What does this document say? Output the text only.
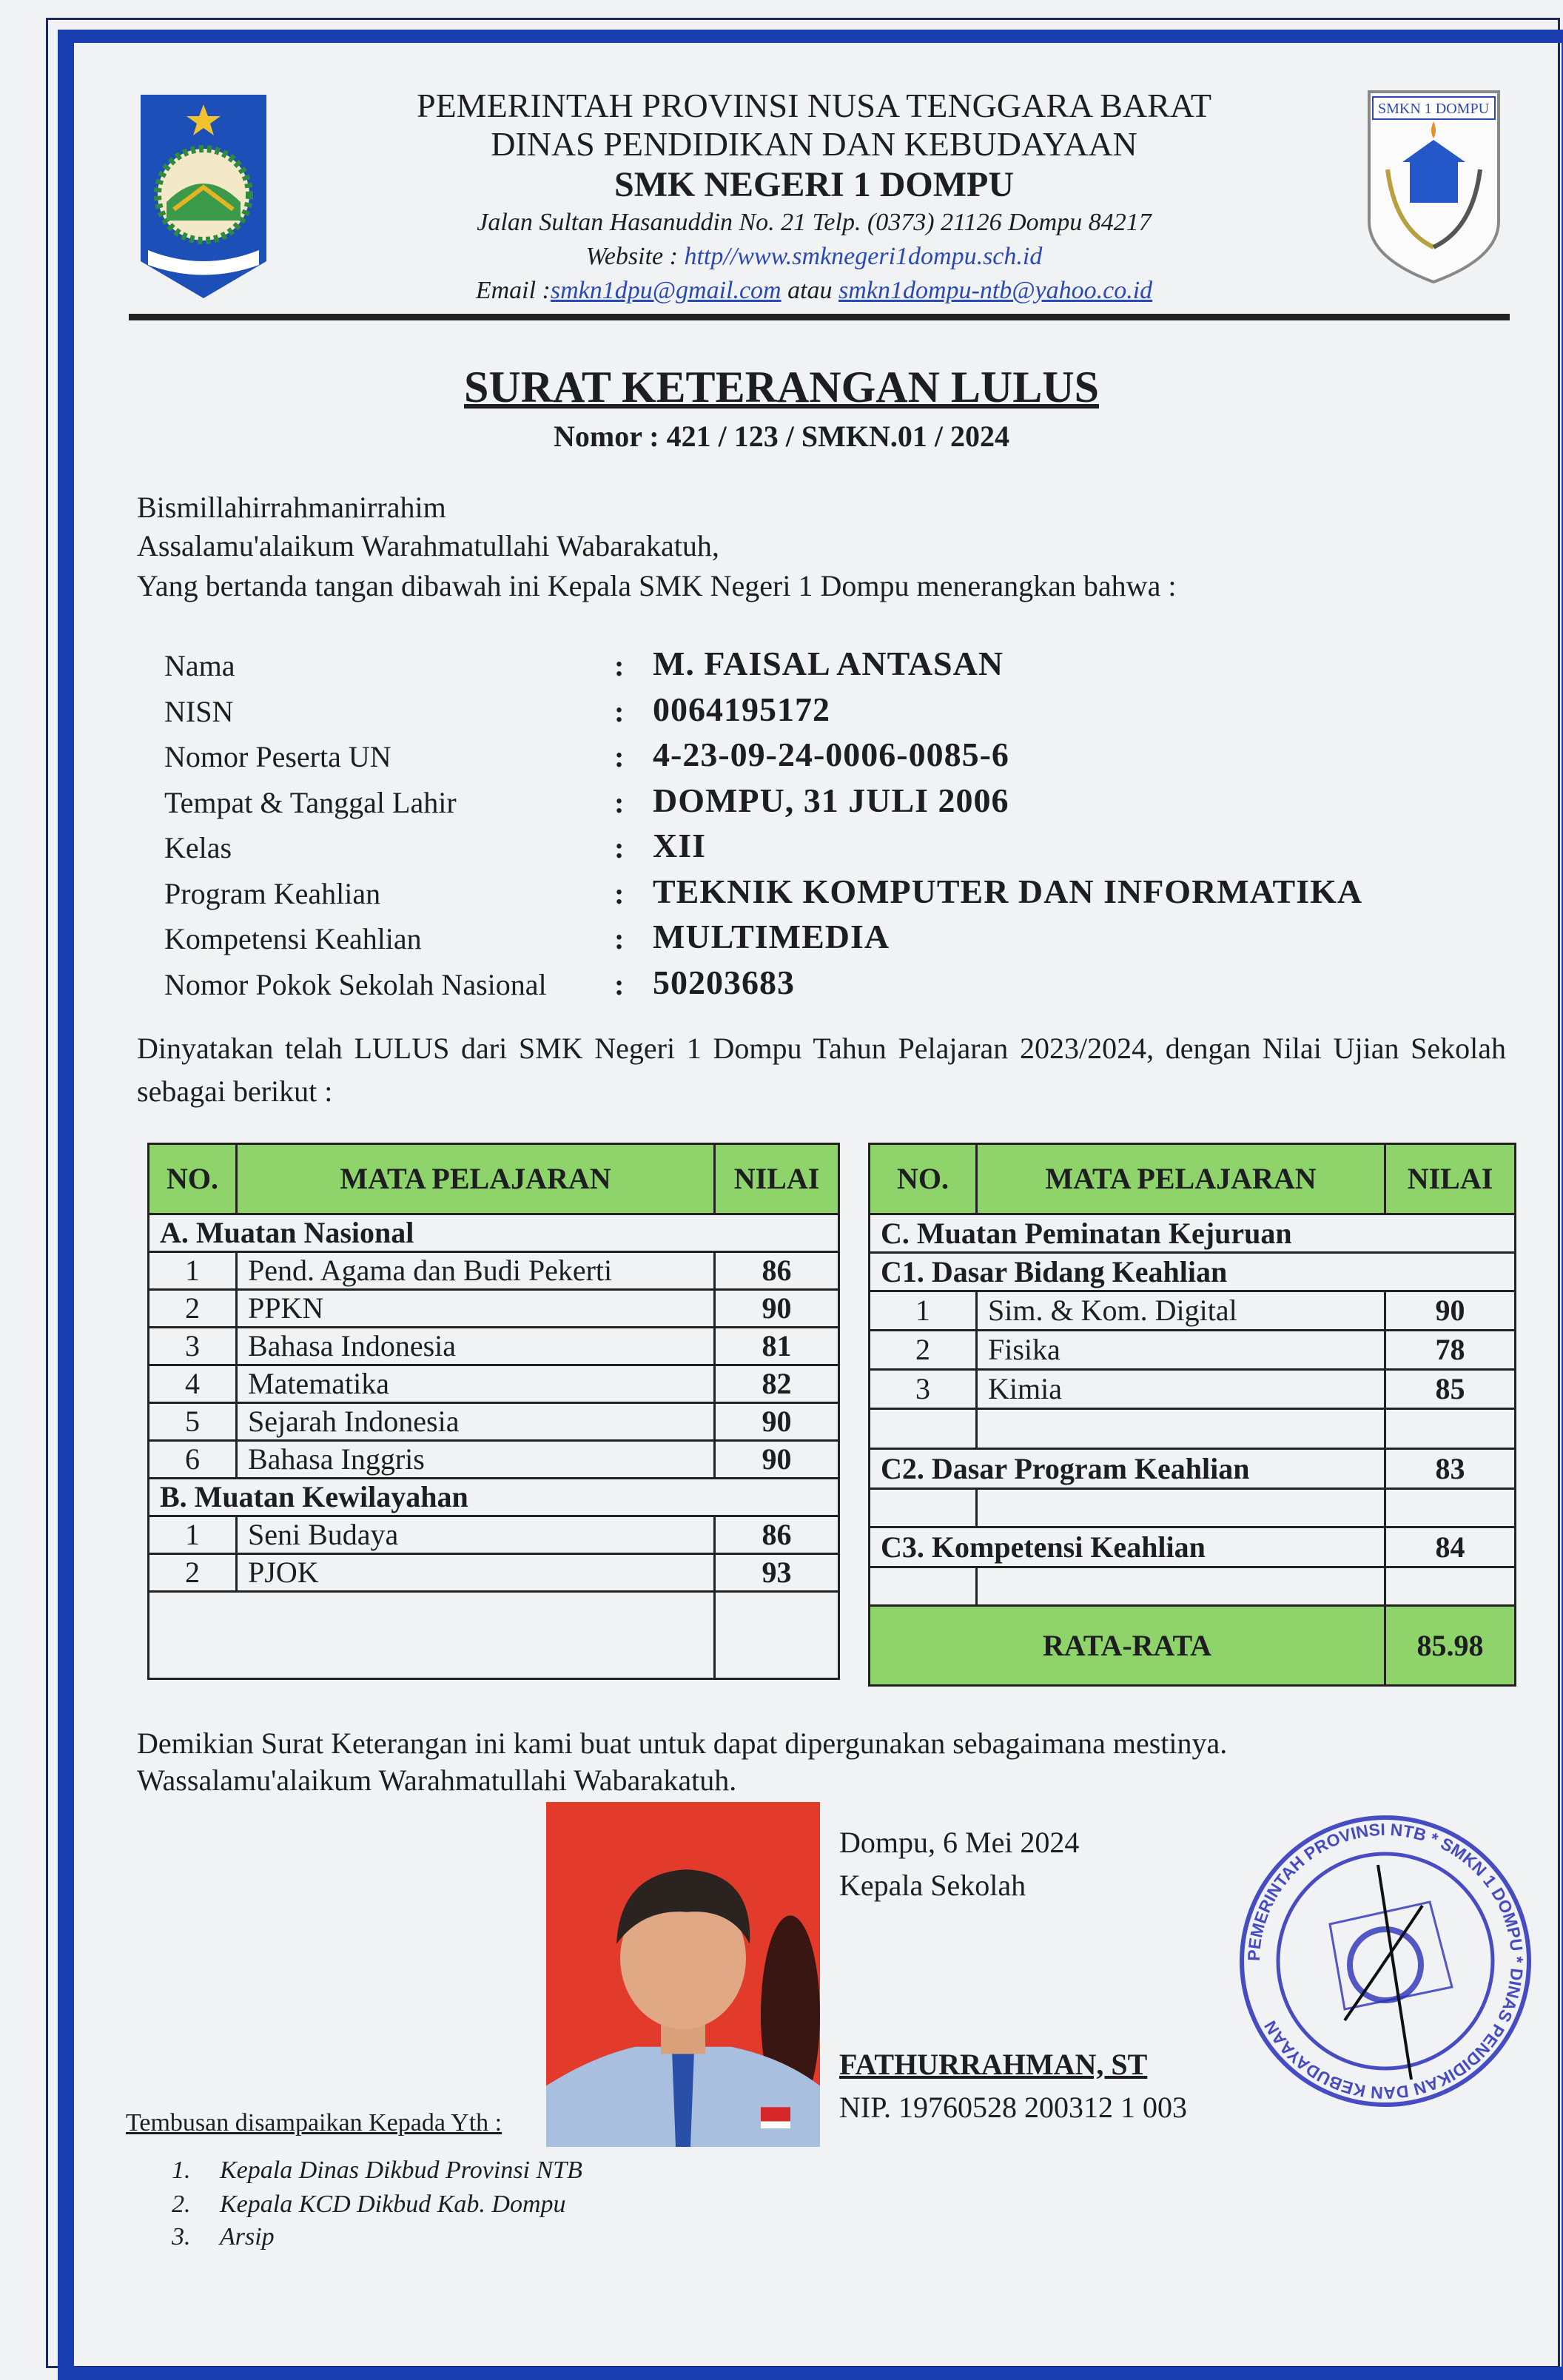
SMKN 1 DOMPU
PEMERINTAH PROVINSI NUSA TENGGARA BARAT
DINAS PENDIDIKAN DAN KEBUDAYAAN
SMK NEGERI 1 DOMPU
Jalan Sultan Hasanuddin No. 21 Telp. (0373) 21126 Dompu 84217
Website : http//www.smknegeri1dompu.sch.id
Email :smkn1dpu@gmail.com atau smkn1dompu-ntb@yahoo.co.id
SURAT KETERANGAN LULUS
Nomor : 421 / 123 / SMKN.01 / 2024
Bismillahirrahmanirrahim
Assalamu'alaikum Warahmatullahi Wabarakatuh,
Yang bertanda tangan dibawah ini Kepala SMK Negeri 1 Dompu menerangkan bahwa :
Nama	: M. FAISAL ANTASAN
NISN	: 0064195172
Nomor Peserta UN	: 4-23-09-24-0006-0085-6
Tempat & Tanggal Lahir	: DOMPU, 31 JULI 2006
Kelas	: XII
Program Keahlian	: TEKNIK KOMPUTER DAN INFORMATIKA
Kompetensi Keahlian	: MULTIMEDIA
Nomor Pokok Sekolah Nasional : 50203683
Dinyatakan telah LULUS dari SMK Negeri 1 Dompu Tahun Pelajaran 2023/2024, dengan Nilai Ujian Sekolah sebagai berikut :
NO.	MATA PELAJARAN	NILAI
A. Muatan Nasional		
1	Pend. Agama dan Budi Pekerti	86
2	PPKN	90
3	Bahasa Indonesia	81
4	Matematika	82
5	Sejarah Indonesia	90
6	Bahasa Inggris	90
B. Muatan Kewilayahan		
1	Seni Budaya	86
2	PJOK	93

NO.	MATA PELAJARAN	NILAI
C. Muatan Peminatan Kejuruan		
C1. Dasar Bidang Keahlian		
1	Sim. & Kom. Digital	90
2	Fisika	78
3	Kimia	85

C2. Dasar Program Keahlian		83

C3. Kompetensi Keahlian		84

RATA-RATA		85.98
Demikian Surat Keterangan ini kami buat untuk dapat dipergunakan sebagaimana mestinya.
Wassalamu'alaikum Warahmatullahi Wabarakatuh.
Dompu, 6 Mei 2024
Kepala Sekolah
FATHURRAHMAN, ST
NIP. 19760528 200312 1 003
PEMERINTAH PROVINSI NTB * SMKN 1 DOMPU * DINAS PENDIDIKAN DAN KEBUDAYAAN
Tembusan disampaikan Kepada Yth :
1. Kepala Dinas Dikbud Provinsi NTB
2. Kepala KCD Dikbud Kab. Dompu
3. Arsip
